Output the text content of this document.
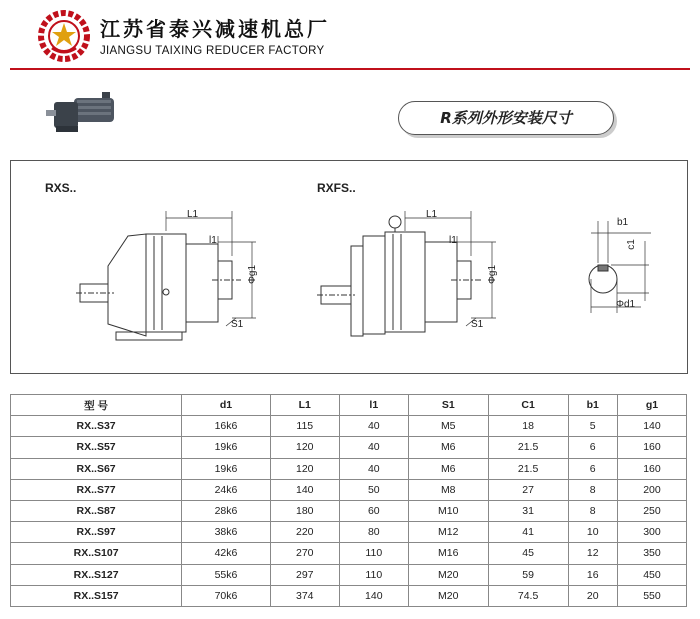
江苏省泰兴减速机总厂
JIANGSU TAIXING REDUCER FACTORY
R系列外形安装尺寸
RXS..	RXFS..
L1
l1
Φg1
S1
L1
l1
Φg1
S1
b1
c1
Φd1
型 号	d1	L1	l1	S1	C1	b1	g1
RX..S37	16k6	115	40	M5	18	5	140
RX..S57	19k6	120	40	M6	21.5	6	160
RX..S67	19k6	120	40	M6	21.5	6	160
RX..S77	24k6	140	50	M8	27	8	200
RX..S87	28k6	180	60	M10	31	8	250
RX..S97	38k6	220	80	M12	41	10	300
RX..S107	42k6	270	110	M16	45	12	350
RX..S127	55k6	297	110	M20	59	16	450
RX..S157	70k6	374	140	M20	74.5	20	550
